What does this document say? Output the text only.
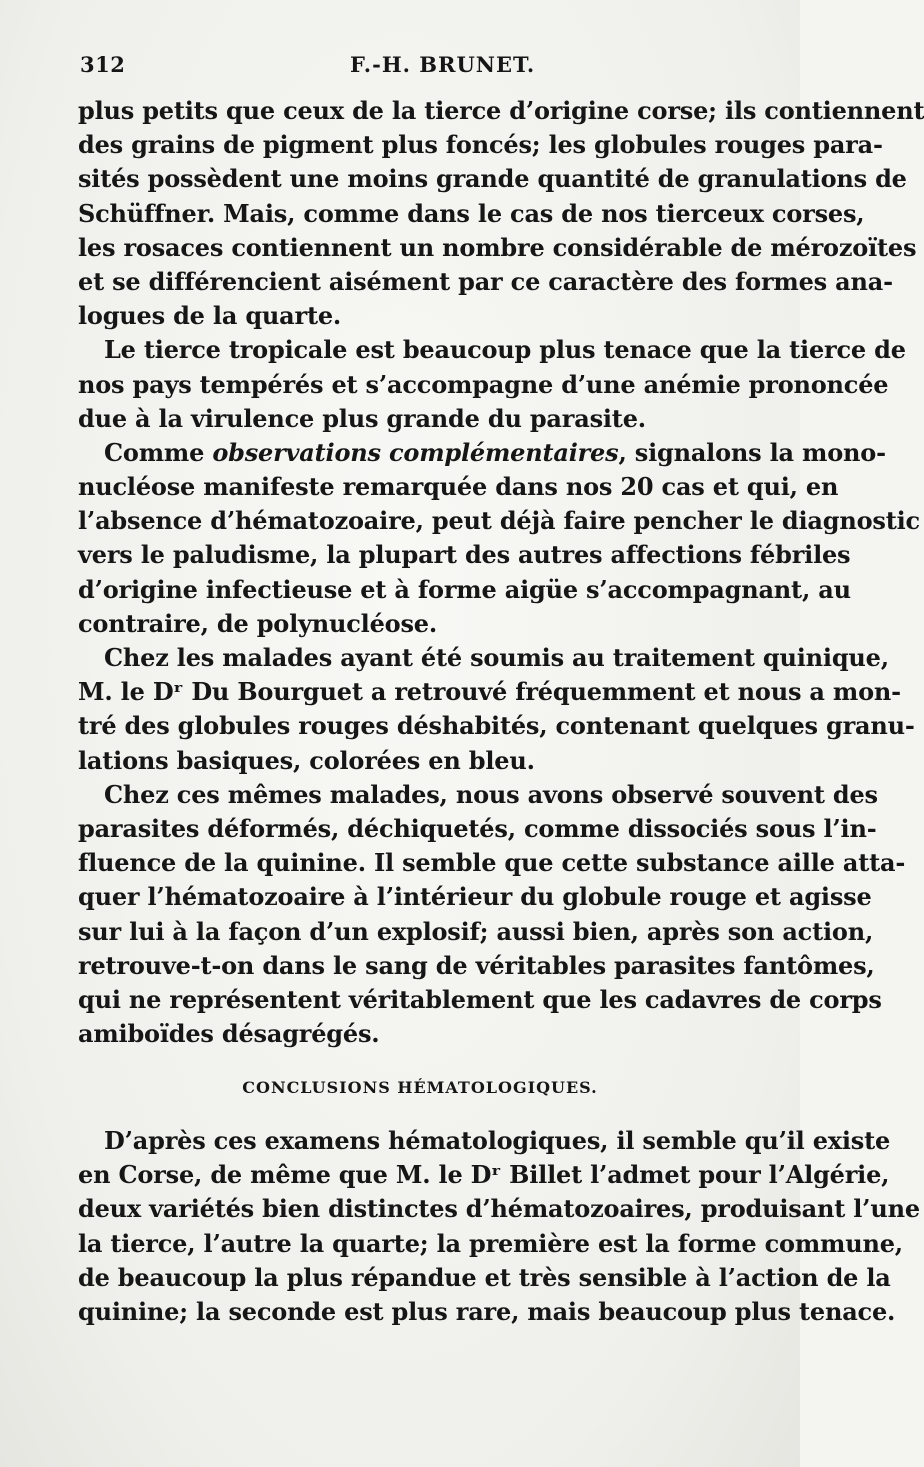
312	F.-H. BRUNET.
plus petits que ceux de la tierce d’origine corse; ils contiennent
des grains de pigment plus foncés; les globules rouges para-
sités possèdent une moins grande quantité de granulations de
Schüffner. Mais, comme dans le cas de nos tierceux corses,
les rosaces contiennent un nombre considérable de mérozoïtes
et se différencient aisément par ce caractère des formes ana-
logues de la quarte.
Le tierce tropicale est beaucoup plus tenace que la tierce de
nos pays tempérés et s’accompagne d’une anémie prononcée
due à la virulence plus grande du parasite.
Comme observations complémentaires, signalons la mono-
nucléose manifeste remarquée dans nos 20 cas et qui, en
l’absence d’hématozoaire, peut déjà faire pencher le diagnostic
vers le paludisme, la plupart des autres affections fébriles
d’origine infectieuse et à forme aigüe s’accompagnant, au
contraire, de polynucléose.
Chez les malades ayant été soumis au traitement quinique,
M. le Dʳ Du Bourguet a retrouvé fréquemment et nous a mon-
tré des globules rouges déshabités, contenant quelques granu-
lations basiques, colorées en bleu.
Chez ces mêmes malades, nous avons observé souvent des
parasites déformés, déchiquetés, comme dissociés sous l’in-
fluence de la quinine. Il semble que cette substance aille atta-
quer l’hématozoaire à l’intérieur du globule rouge et agisse
sur lui à la façon d’un explosif; aussi bien, après son action,
retrouve-t-on dans le sang de véritables parasites fantômes,
qui ne représentent véritablement que les cadavres de corps
amiboïdes désagrégés.
CONCLUSIONS HÉMATOLOGIQUES.
D’après ces examens hématologiques, il semble qu’il existe
en Corse, de même que M. le Dʳ Billet l’admet pour l’Algérie,
deux variétés bien distinctes d’hématozoaires, produisant l’une
la tierce, l’autre la quarte; la première est la forme commune,
de beaucoup la plus répandue et très sensible à l’action de la
quinine; la seconde est plus rare, mais beaucoup plus tenace.
